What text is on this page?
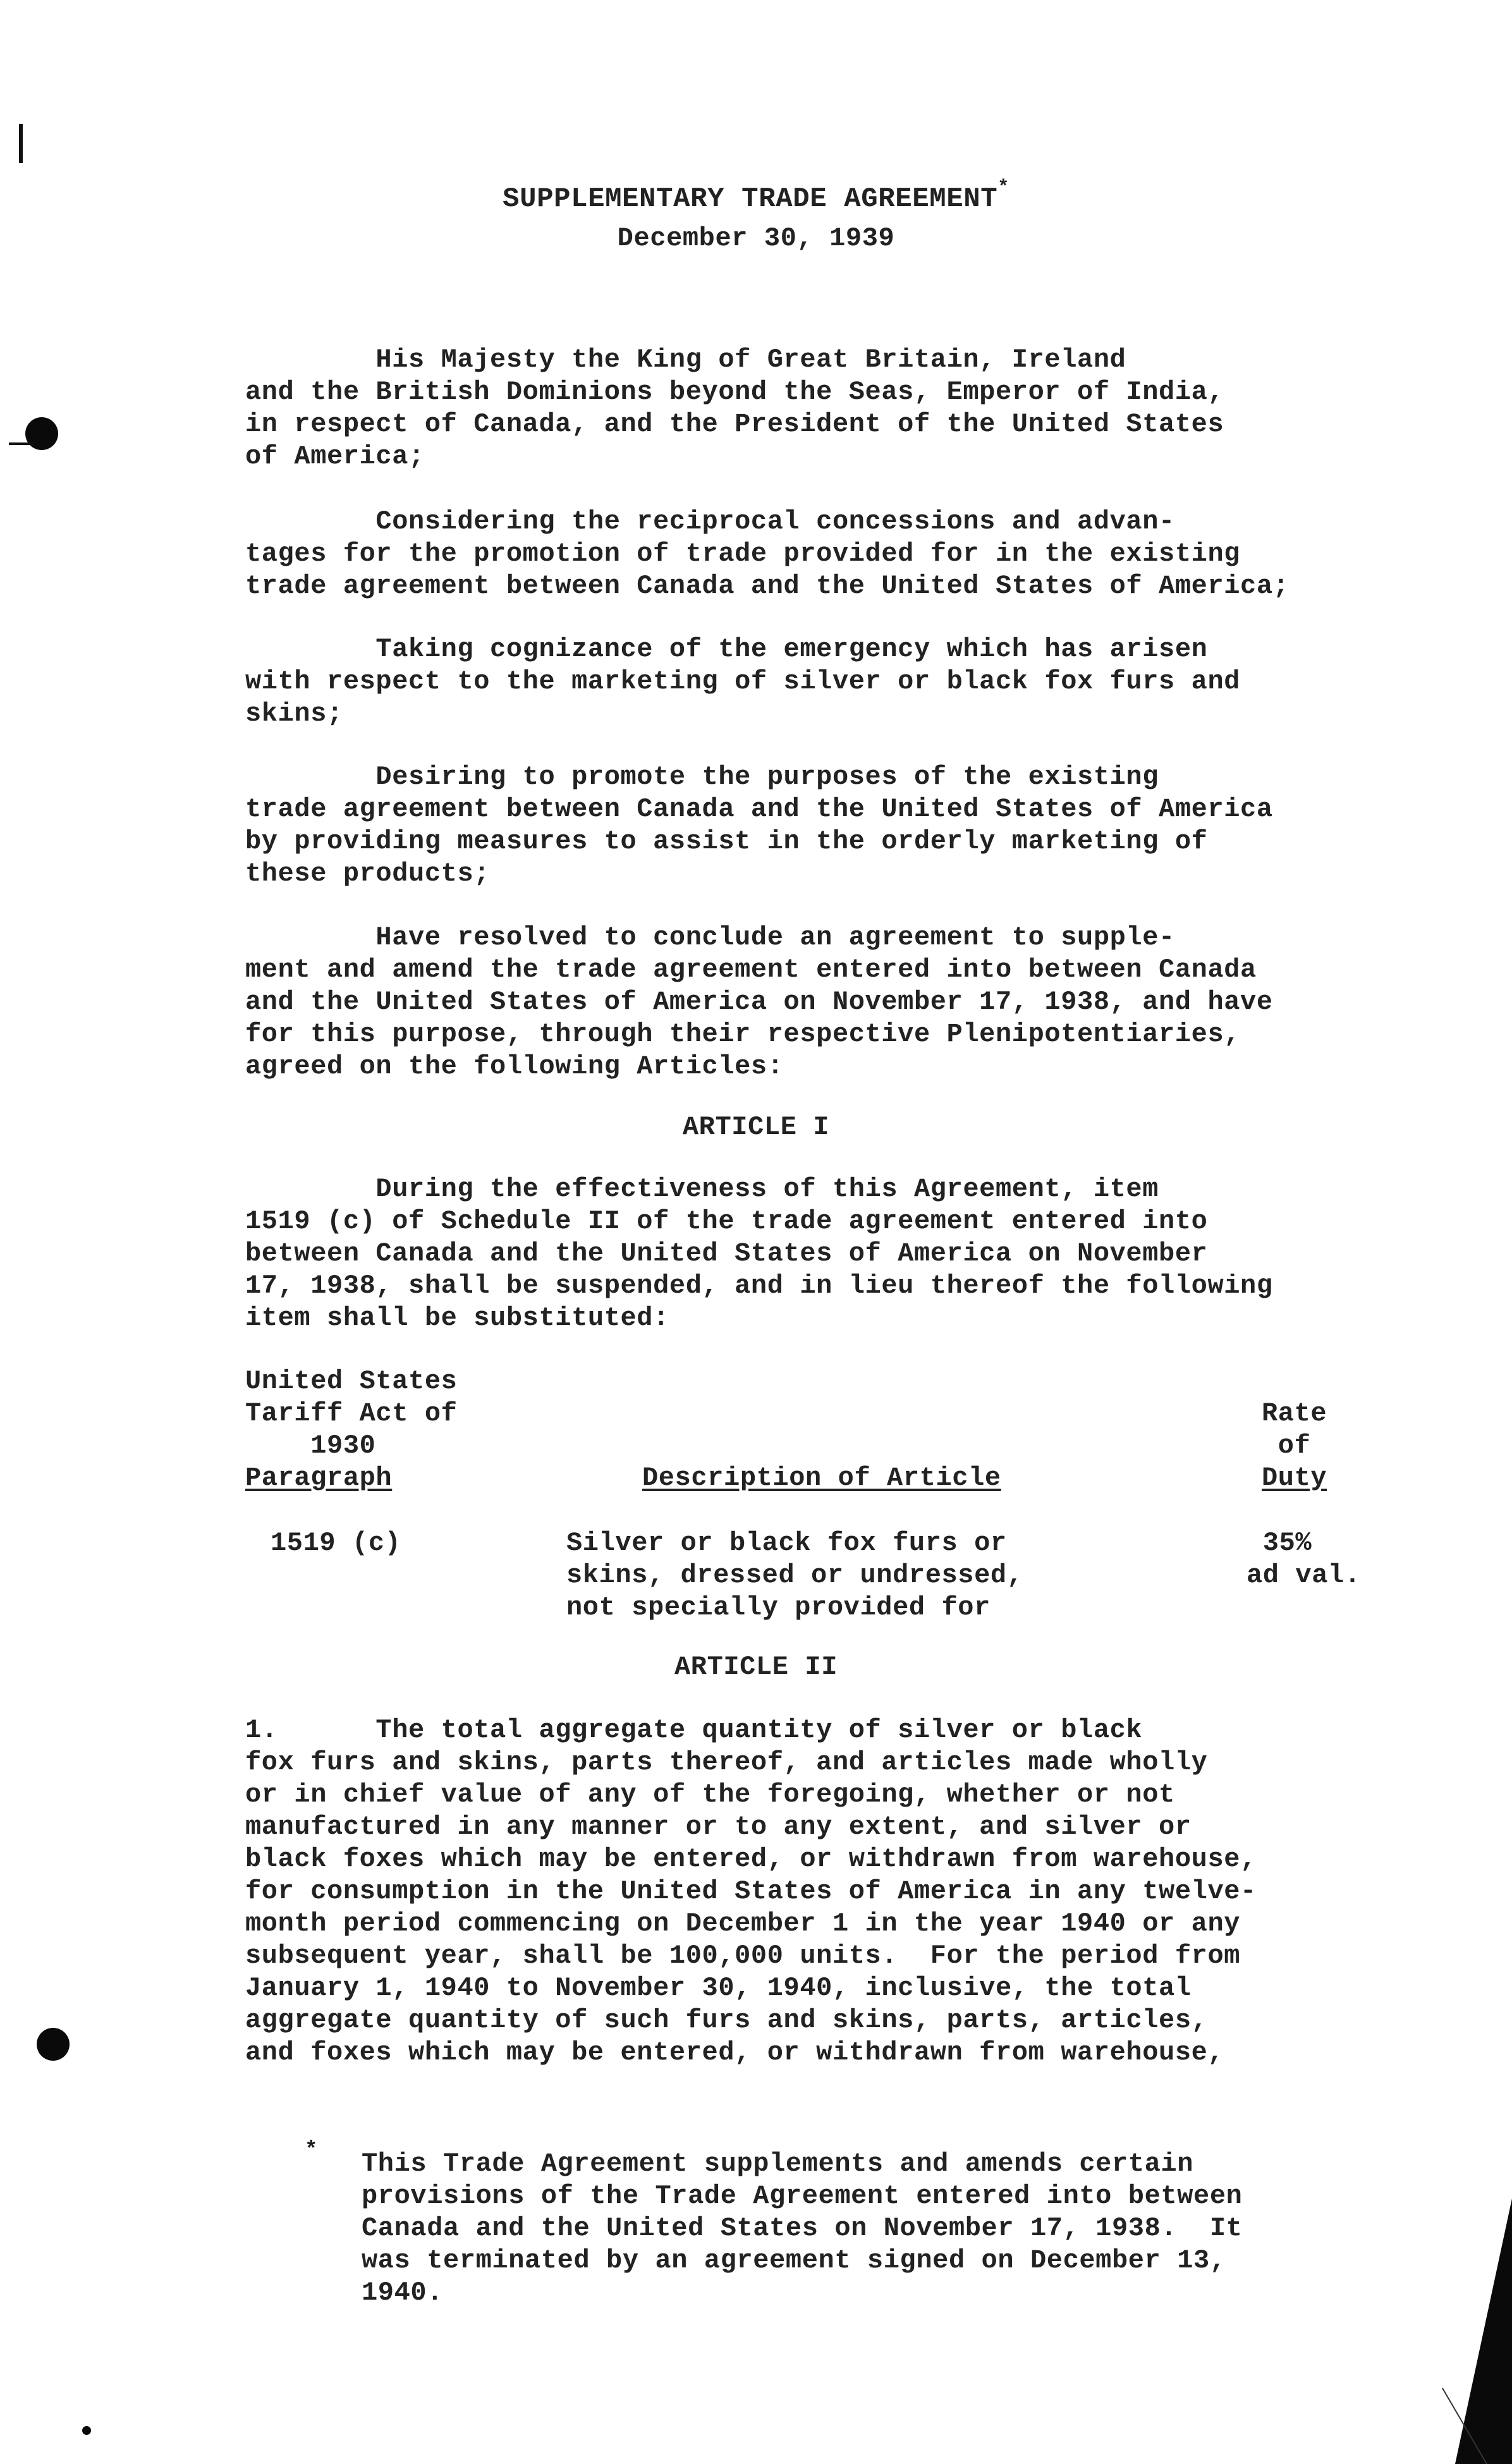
SUPPLEMENTARY TRADE AGREEMENT*

December 30, 1939

His Majesty the King of Great Britain, Ireland
and the British Dominions beyond the Seas, Emperor of India,
in respect of Canada, and the President of the United States
of America;

Considering the reciprocal concessions and advan-
tages for the promotion of trade provided for in the existing
trade agreement between Canada and the United States of America;

Taking cognizance of the emergency which has arisen
with respect to the marketing of silver or black fox furs and
skins;

Desiring to promote the purposes of the existing
trade agreement between Canada and the United States of America
by providing measures to assist in the orderly marketing of
these products;

Have resolved to conclude an agreement to supple-
ment and amend the trade agreement entered into between Canada
and the United States of America on November 17, 1938, and have
for this purpose, through their respective Plenipotentiaries,
agreed on the following Articles:

ARTICLE I

During the effectiveness of this Agreement, item
1519 (c) of Schedule II of the trade agreement entered into
between Canada and the United States of America on November
17, 1938, shall be suspended, and in lieu thereof the following
item shall be substituted:

United States
Tariff Act of
1930

Paragraph	Description of Article

Rate
of

Duty

1519 (c)	Silver or black fox furs or
skins, dressed or undressed,
not specially provided for

35%
ad val.

ARTICLE II

1.      The total aggregate quantity of silver or black
fox furs and skins, parts thereof, and articles made wholly
or in chief value of any of the foregoing, whether or not
manufactured in any manner or to any extent, and silver or
black foxes which may be entered, or withdrawn from warehouse,
for consumption in the United States of America in any twelve-
month period commencing on December 1 in the year 1940 or any
subsequent year, shall be 100,000 units.  For the period from
January 1, 1940 to November 30, 1940, inclusive, the total
aggregate quantity of such furs and skins, parts, articles,
and foxes which may be entered, or withdrawn from warehouse,

* This Trade Agreement supplements and amends certain
provisions of the Trade Agreement entered into between
Canada and the United States on November 17, 1938.  It
was terminated by an agreement signed on December 13,
1940.
